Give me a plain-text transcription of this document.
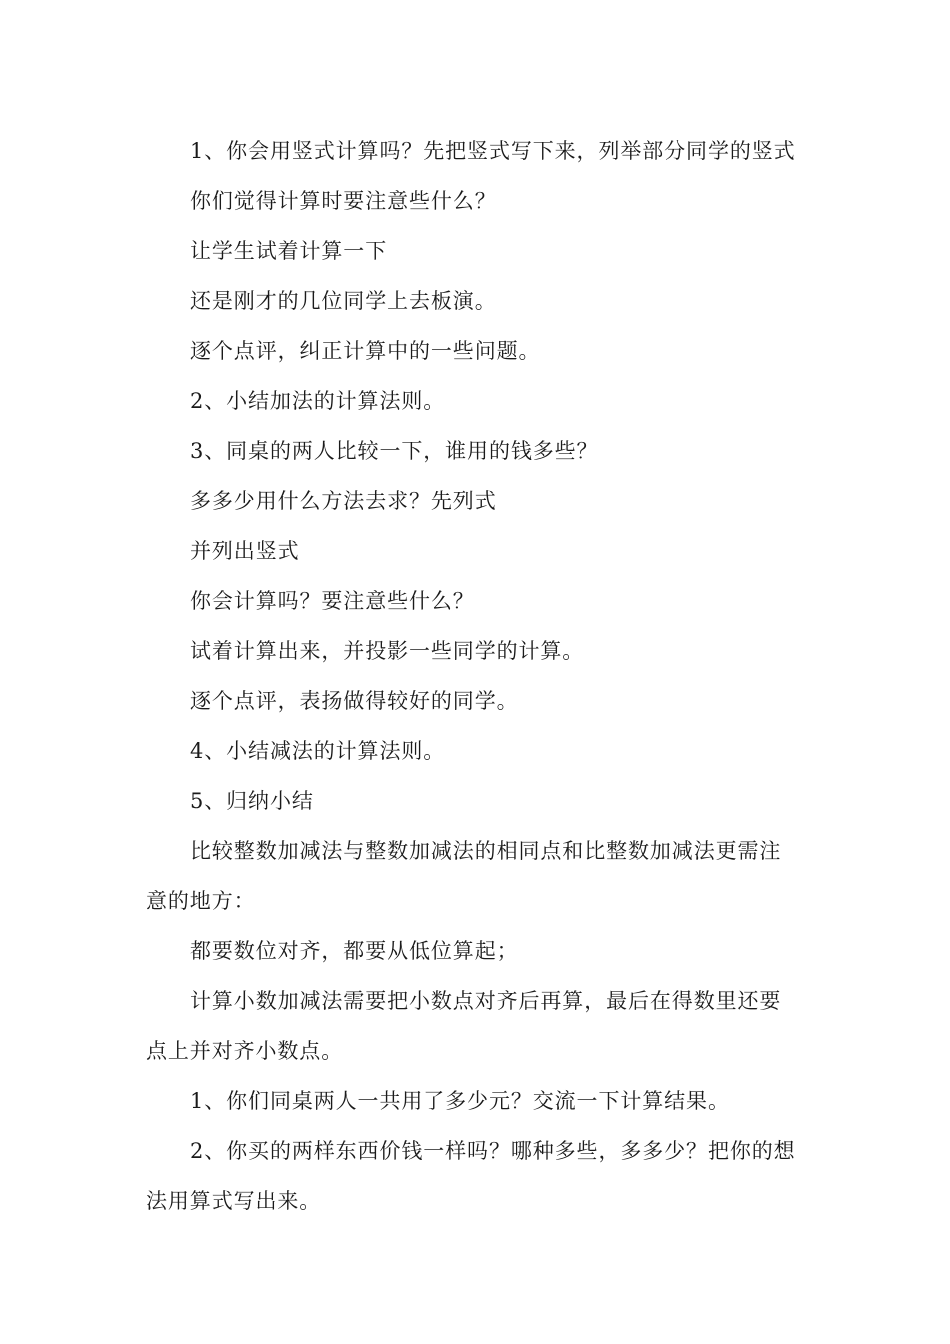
1、你会用竖式计算吗？先把竖式写下来，列举部分同学的竖式
你们觉得计算时要注意些什么？
让学生试着计算一下
还是刚才的几位同学上去板演。
逐个点评，纠正计算中的一些问题。
2、小结加法的计算法则。
3、同桌的两人比较一下，谁用的钱多些？
多多少用什么方法去求？先列式
并列出竖式
你会计算吗？要注意些什么？
试着计算出来，并投影一些同学的计算。
逐个点评，表扬做得较好的同学。
4、小结减法的计算法则。
5、归纳小结
比较整数加减法与整数加减法的相同点和比整数加减法更需注
意的地方：
都要数位对齐，都要从低位算起；
计算小数加减法需要把小数点对齐后再算，最后在得数里还要
点上并对齐小数点。
1、你们同桌两人一共用了多少元？交流一下计算结果。
2、你买的两样东西价钱一样吗？哪种多些，多多少？把你的想
法用算式写出来。
